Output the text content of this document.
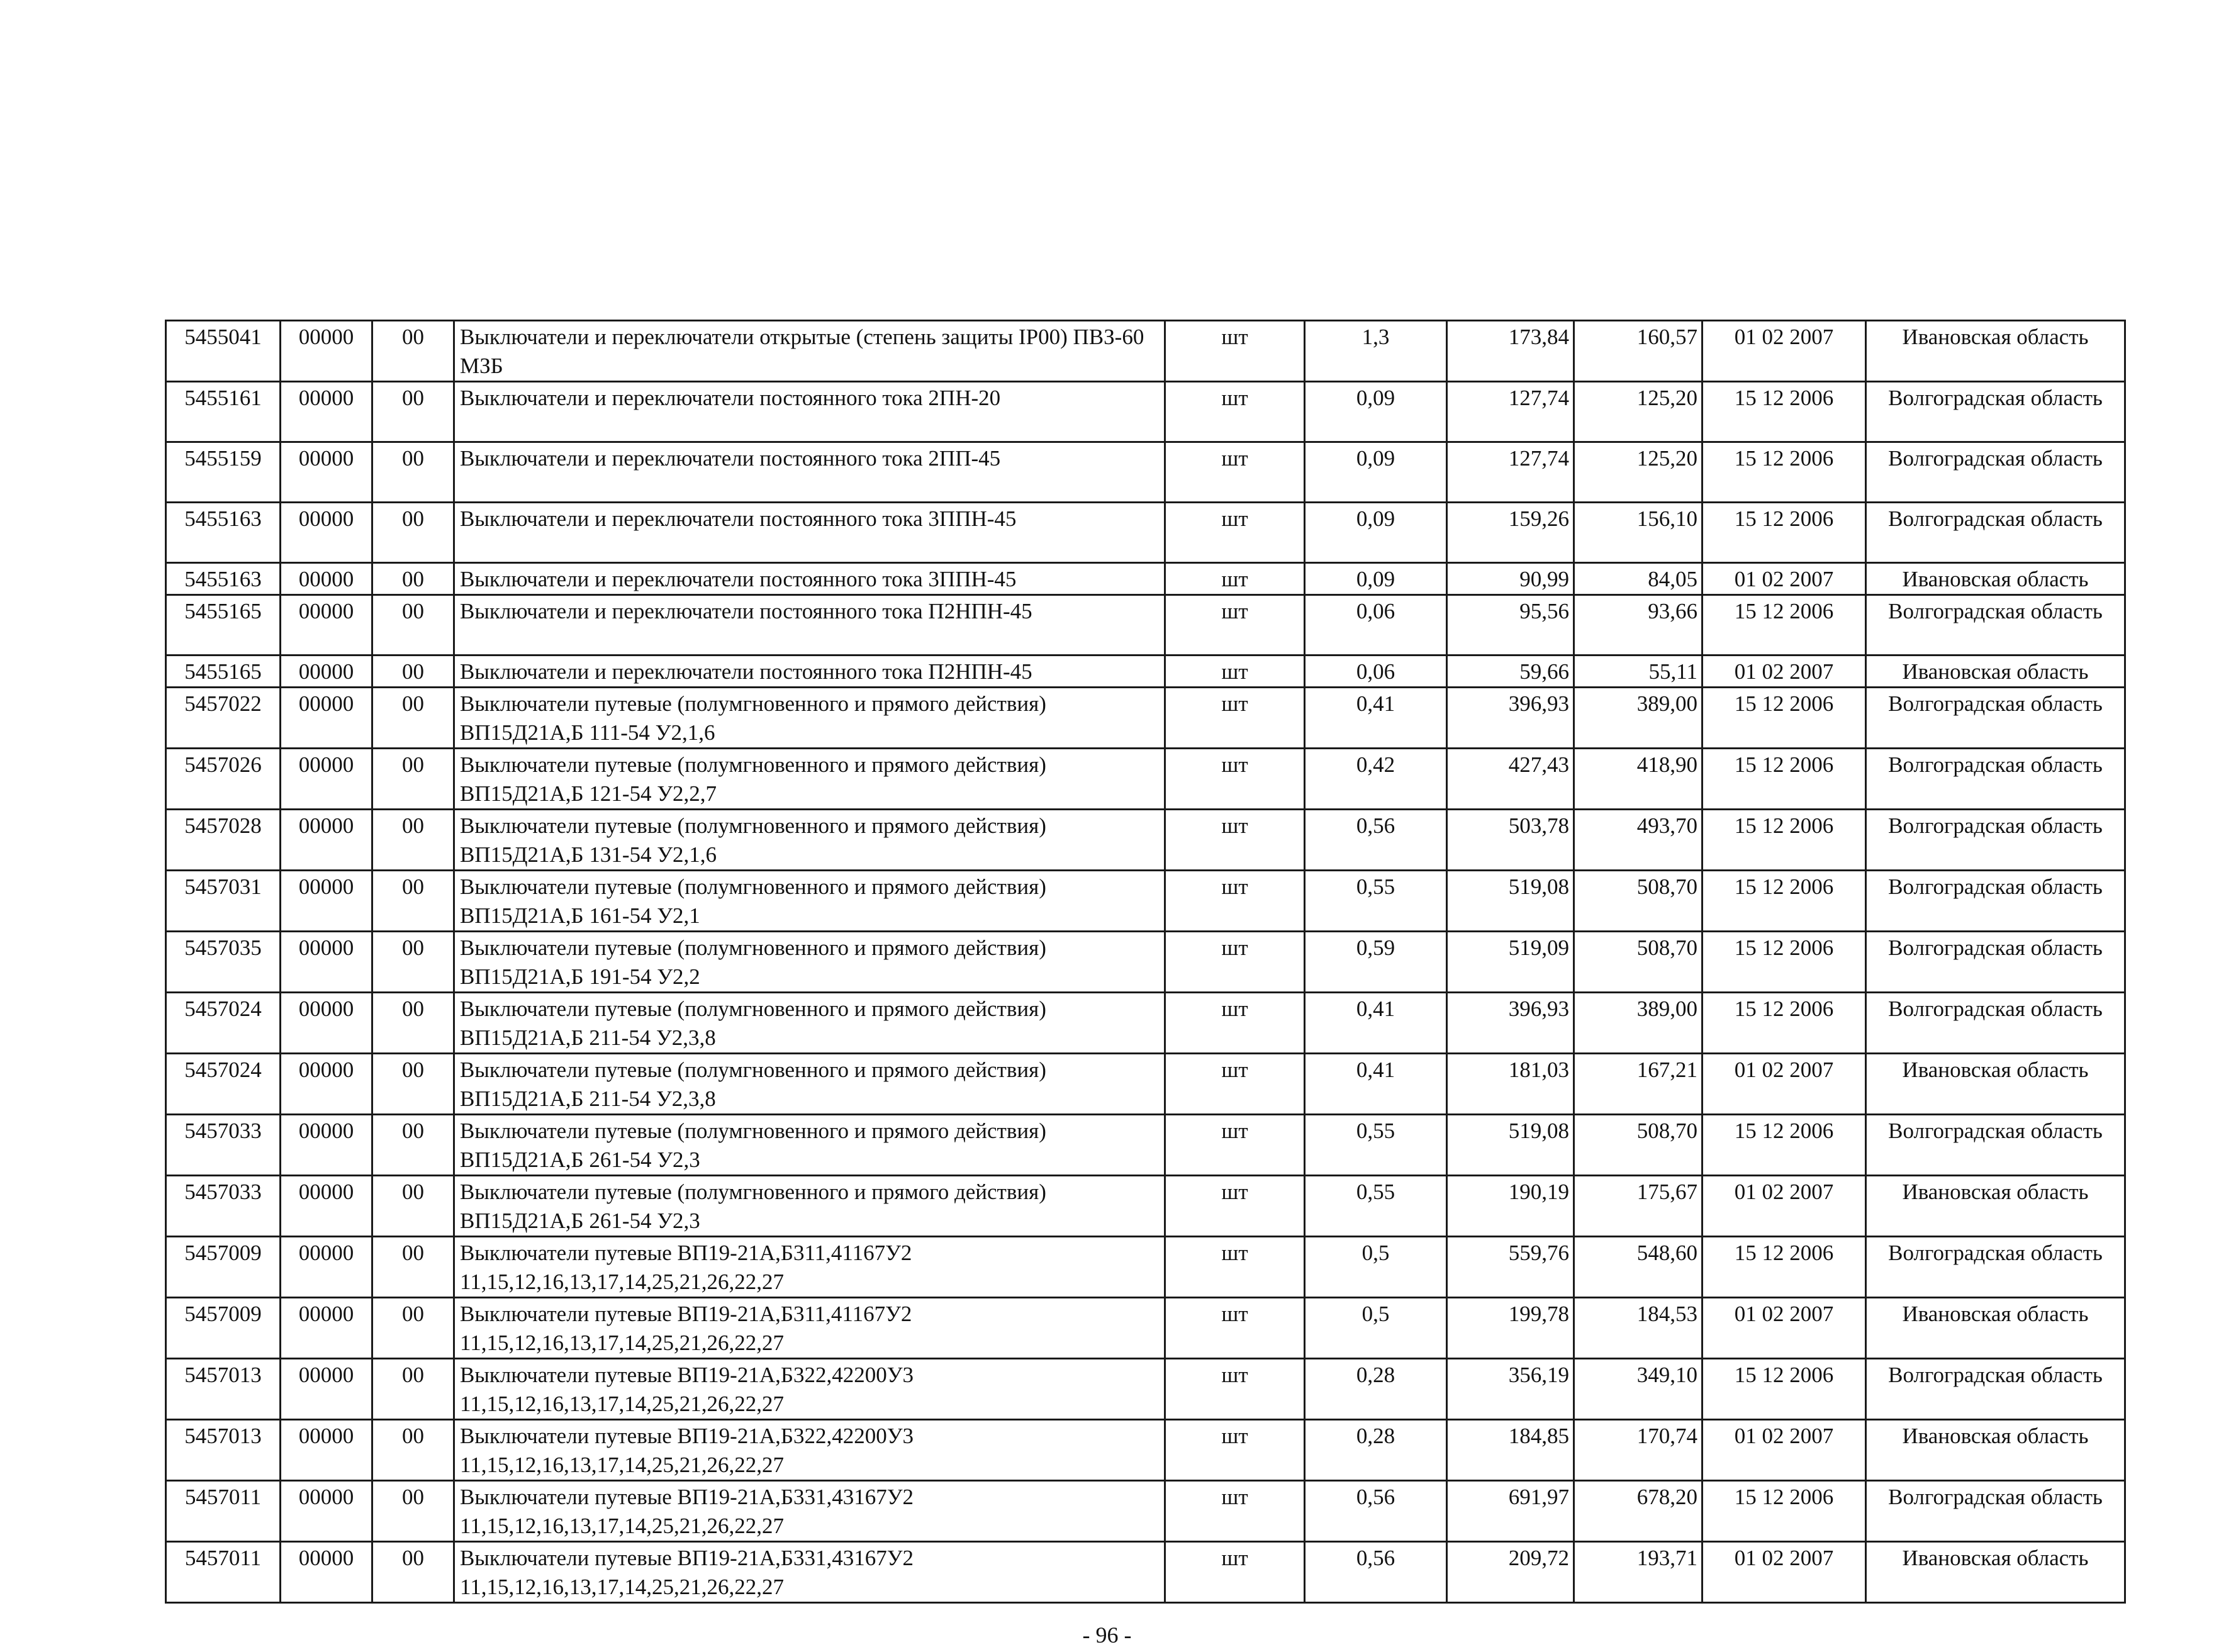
5455041	00000	00	Выключатели и переключатели открытые (степень защиты IP00) ПВЗ-60 МЗБ	шт	1,3	173,84	160,57	01 02 2007	Ивановская область
5455161	00000	00	Выключатели и переключатели постоянного тока 2ПН-20	шт	0,09	127,74	125,20	15 12 2006	Волгоградская область
5455159	00000	00	Выключатели и переключатели постоянного тока 2ПП-45	шт	0,09	127,74	125,20	15 12 2006	Волгоградская область
5455163	00000	00	Выключатели и переключатели постоянного тока 3ППН-45	шт	0,09	159,26	156,10	15 12 2006	Волгоградская область
5455163	00000	00	Выключатели и переключатели постоянного тока 3ППН-45	шт	0,09	90,99	84,05	01 02 2007	Ивановская область
5455165	00000	00	Выключатели и переключатели постоянного тока П2НПН-45	шт	0,06	95,56	93,66	15 12 2006	Волгоградская область
5455165	00000	00	Выключатели и переключатели постоянного тока П2НПН-45	шт	0,06	59,66	55,11	01 02 2007	Ивановская область
5457022	00000	00	Выключатели путевые (полумгновенного и прямого действия) ВП15Д21А,Б 111-54 У2,1,6	шт	0,41	396,93	389,00	15 12 2006	Волгоградская область
5457026	00000	00	Выключатели путевые (полумгновенного и прямого действия) ВП15Д21А,Б 121-54 У2,2,7	шт	0,42	427,43	418,90	15 12 2006	Волгоградская область
5457028	00000	00	Выключатели путевые (полумгновенного и прямого действия) ВП15Д21А,Б 131-54 У2,1,6	шт	0,56	503,78	493,70	15 12 2006	Волгоградская область
5457031	00000	00	Выключатели путевые (полумгновенного и прямого действия) ВП15Д21А,Б 161-54 У2,1	шт	0,55	519,08	508,70	15 12 2006	Волгоградская область
5457035	00000	00	Выключатели путевые (полумгновенного и прямого действия) ВП15Д21А,Б 191-54 У2,2	шт	0,59	519,09	508,70	15 12 2006	Волгоградская область
5457024	00000	00	Выключатели путевые (полумгновенного и прямого действия) ВП15Д21А,Б 211-54 У2,3,8	шт	0,41	396,93	389,00	15 12 2006	Волгоградская область
5457024	00000	00	Выключатели путевые (полумгновенного и прямого действия) ВП15Д21А,Б 211-54 У2,3,8	шт	0,41	181,03	167,21	01 02 2007	Ивановская область
5457033	00000	00	Выключатели путевые (полумгновенного и прямого действия) ВП15Д21А,Б 261-54 У2,3	шт	0,55	519,08	508,70	15 12 2006	Волгоградская область
5457033	00000	00	Выключатели путевые (полумгновенного и прямого действия) ВП15Д21А,Б 261-54 У2,3	шт	0,55	190,19	175,67	01 02 2007	Ивановская область
5457009	00000	00	Выключатели путевые ВП19-21А,Б311,41167У2 11,15,12,16,13,17,14,25,21,26,22,27	шт	0,5	559,76	548,60	15 12 2006	Волгоградская область
5457009	00000	00	Выключатели путевые ВП19-21А,Б311,41167У2 11,15,12,16,13,17,14,25,21,26,22,27	шт	0,5	199,78	184,53	01 02 2007	Ивановская область
5457013	00000	00	Выключатели путевые ВП19-21А,Б322,42200У3 11,15,12,16,13,17,14,25,21,26,22,27	шт	0,28	356,19	349,10	15 12 2006	Волгоградская область
5457013	00000	00	Выключатели путевые ВП19-21А,Б322,42200У3 11,15,12,16,13,17,14,25,21,26,22,27	шт	0,28	184,85	170,74	01 02 2007	Ивановская область
5457011	00000	00	Выключатели путевые ВП19-21А,Б331,43167У2 11,15,12,16,13,17,14,25,21,26,22,27	шт	0,56	691,97	678,20	15 12 2006	Волгоградская область
5457011	00000	00	Выключатели путевые ВП19-21А,Б331,43167У2 11,15,12,16,13,17,14,25,21,26,22,27	шт	0,56	209,72	193,71	01 02 2007	Ивановская область
- 96 -
